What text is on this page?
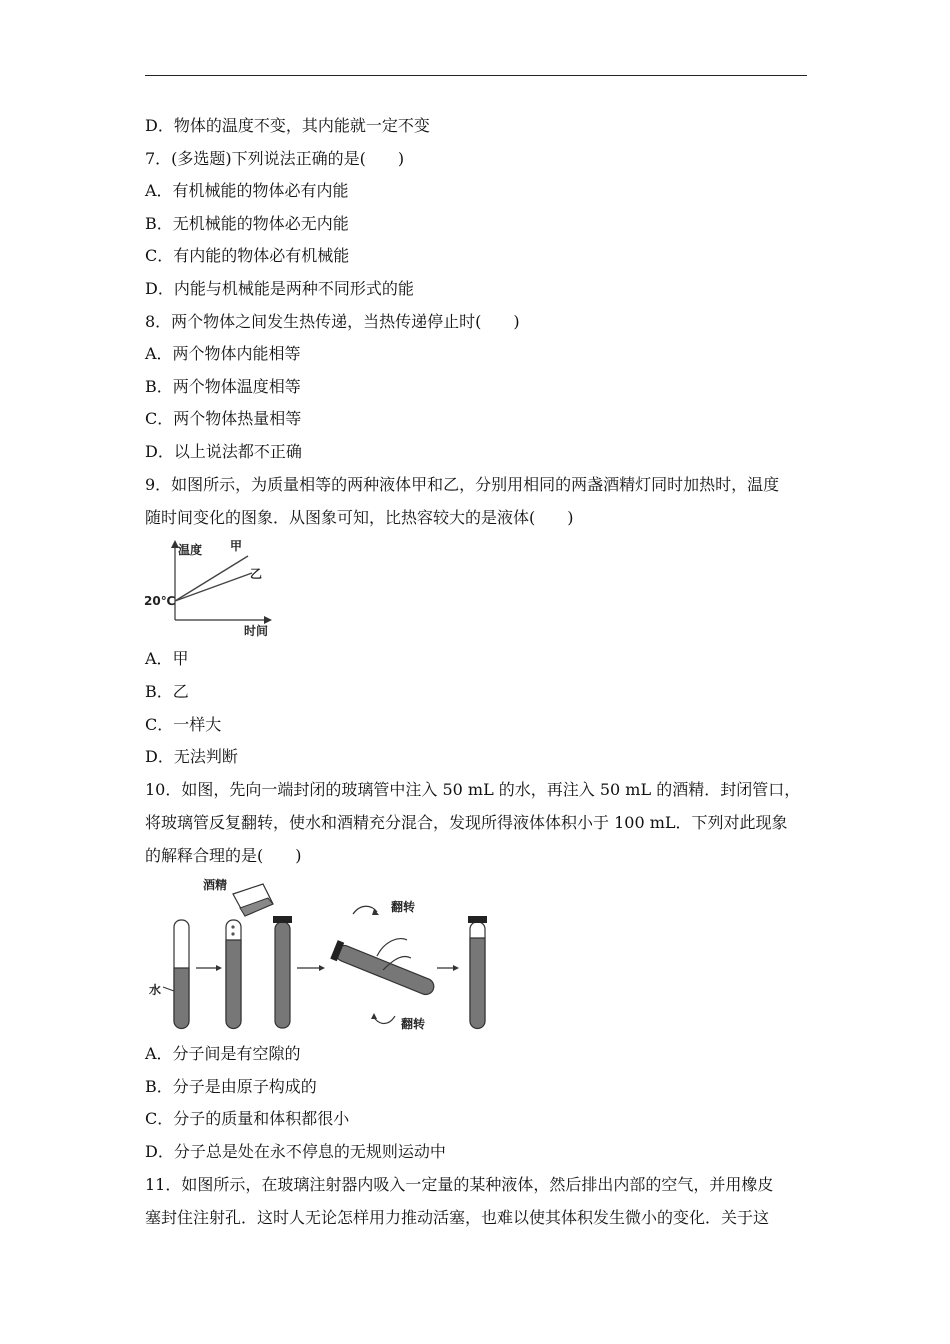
D．物体的温度不变，其内能就一定不变
7．(多选题)下列说法正确的是(　　)
A．有机械能的物体必有内能
B．无机械能的物体必无内能
C．有内能的物体必有机械能
D．内能与机械能是两种不同形式的能
8．两个物体之间发生热传递，当热传递停止时(　　)
A．两个物体内能相等
B．两个物体温度相等
C．两个物体热量相等
D．以上说法都不正确
9．如图所示，为质量相等的两种液体甲和乙，分别用相同的两盏酒精灯同时加热时，温度
随时间变化的图象．从图象可知，比热容较大的是液体(　　)
温度 甲
乙
20℃
时间
A．甲
B．乙
C．一样大
D．无法判断
10．如图，先向一端封闭的玻璃管中注入 50 mL 的水，再注入 50 mL 的酒精．封闭管口，
将玻璃管反复翻转，使水和酒精充分混合，发现所得液体体积小于 100 mL．下列对此现象
的解释合理的是(　　)
水
酒精
翻转
翻转
A．分子间是有空隙的
B．分子是由原子构成的
C．分子的质量和体积都很小
D．分子总是处在永不停息的无规则运动中
11．如图所示，在玻璃注射器内吸入一定量的某种液体，然后排出内部的空气，并用橡皮
塞封住注射孔．这时人无论怎样用力推动活塞，也难以使其体积发生微小的变化．关于这
